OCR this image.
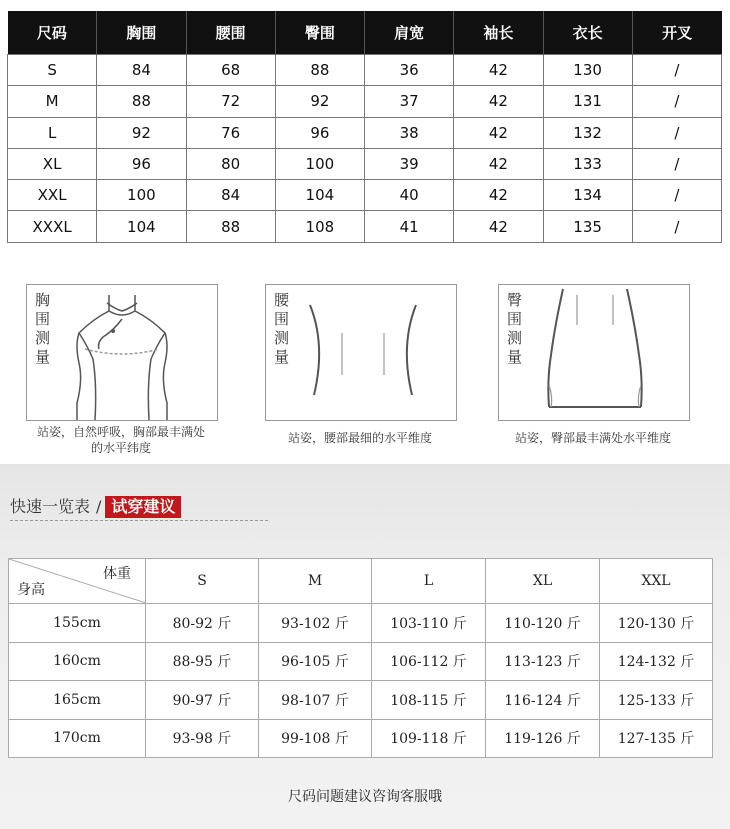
尺码	胸围	腰围	臀围	肩宽	袖长	衣长	开叉
S	84	68	88	36	42	130	/
M	88	72	92	37	42	131	/
L	92	76	96	38	42	132	/
XL	96	80	100	39	42	133	/
XXL	100	84	104	40	42	134	/
XXXL	104	88	108	41	42	135	/
胸围测量
站姿，自然呼吸，胸部最丰满处
的水平纬度
腰围测量
站姿，腰部最细的水平维度
臀围测量
站姿，臀部最丰满处水平维度
快速一览表 / 试穿建议
体重
身高	S	M	L	XL	XXL
155cm	80-92 斤	93-102 斤	103-110 斤	110-120 斤	120-130 斤
160cm	88-95 斤	96-105 斤	106-112 斤	113-123 斤	124-132 斤
165cm	90-97 斤	98-107 斤	108-115 斤	116-124 斤	125-133 斤
170cm	93-98 斤	99-108 斤	109-118 斤	119-126 斤	127-135 斤
尺码问题建议咨询客服哦
